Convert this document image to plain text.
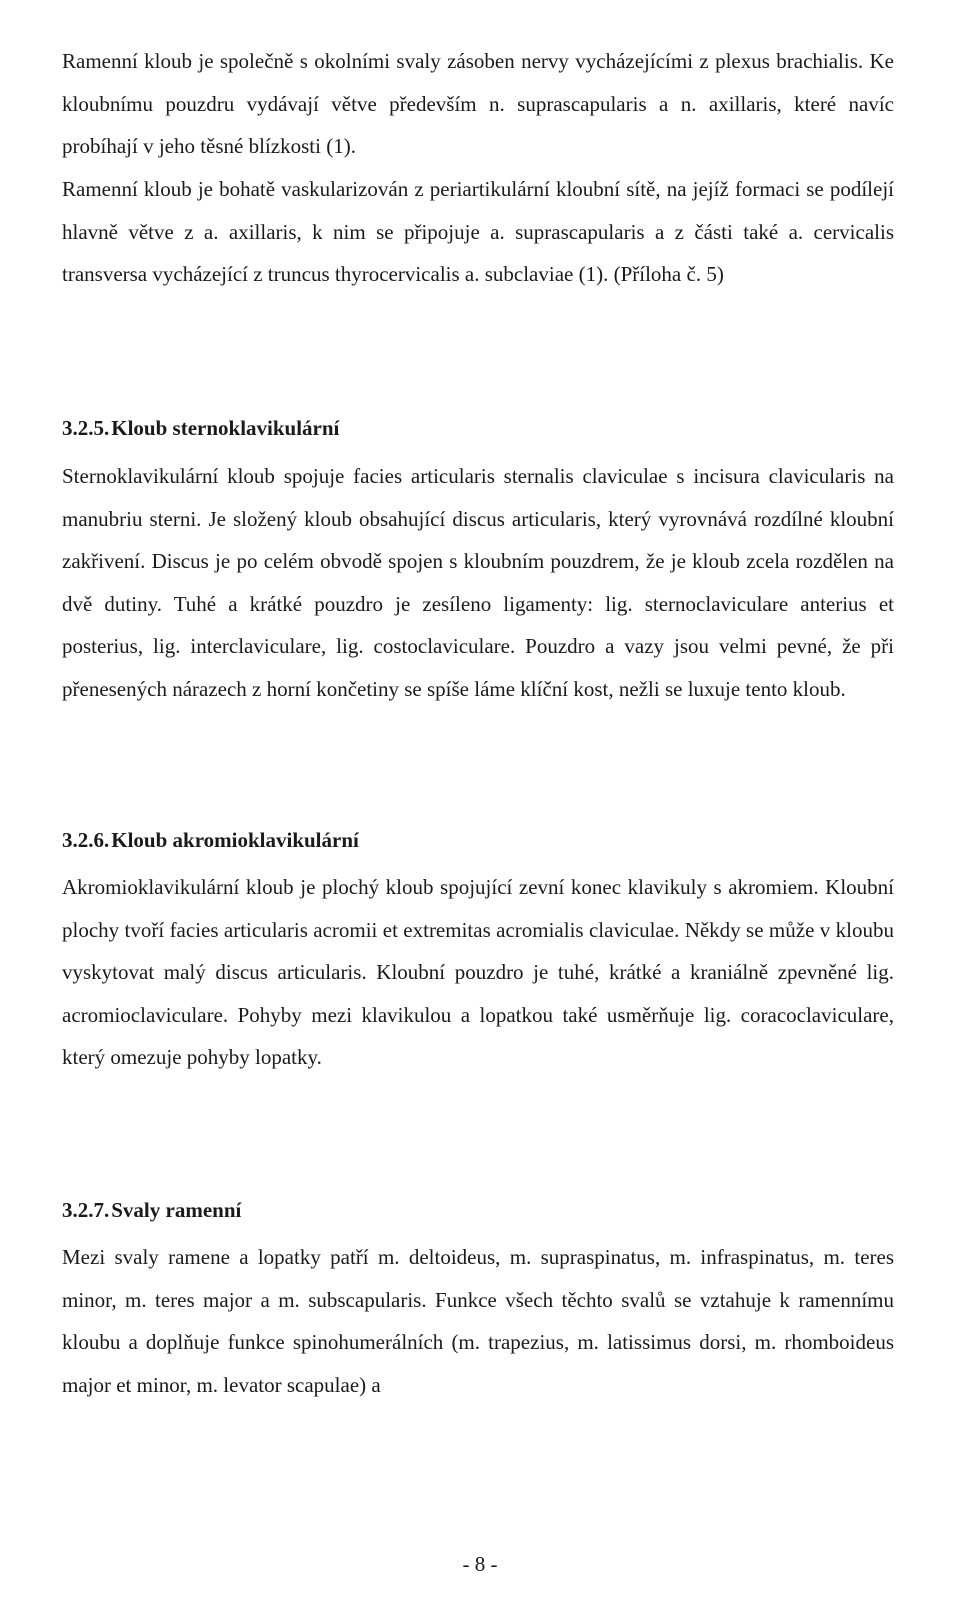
Ramenní kloub je společně s okolními svaly zásoben nervy vycházejícími z plexus brachialis. Ke kloubnímu pouzdru vydávají větve především n. suprascapularis a n. axillaris, které navíc probíhají v jeho těsné blízkosti (1).

Ramenní kloub je bohatě vaskularizován z periartikulární kloubní sítě, na jejíž formaci se podílejí hlavně větve z a. axillaris, k nim se připojuje a. suprascapularis a z části také a. cervicalis transversa vycházející z truncus thyrocervicalis a. subclaviae (1). (Příloha č. 5)

3.2.5. Kloub sternoklavikulární

Sternoklavikulární kloub spojuje facies articularis sternalis claviculae s incisura clavicularis na manubriu sterni. Je složený kloub obsahující discus articularis, který vyrovnává rozdílné kloubní zakřivení. Discus je po celém obvodě spojen s kloubním pouzdrem, že je kloub zcela rozdělen na dvě dutiny. Tuhé a krátké pouzdro je zesíleno ligamenty: lig. sternoclaviculare anterius et posterius, lig. interclaviculare, lig. costoclaviculare. Pouzdro a vazy jsou velmi pevné, že při přenesených nárazech z horní končetiny se spíše láme klíční kost, nežli se luxuje tento kloub.

3.2.6. Kloub akromioklavikulární

Akromioklavikulární kloub je plochý kloub spojující zevní konec klavikuly s akromiem. Kloubní plochy tvoří facies articularis acromii et extremitas acromialis claviculae. Někdy se může v kloubu vyskytovat malý discus articularis. Kloubní pouzdro je tuhé, krátké a kraniálně zpevněné lig. acromioclaviculare. Pohyby mezi klavikulou a lopatkou také usměrňuje lig. coracoclaviculare, který omezuje pohyby lopatky.

3.2.7. Svaly ramenní

Mezi svaly ramene a lopatky patří m. deltoideus, m. supraspinatus, m. infraspinatus, m. teres minor, m. teres major a m. subscapularis. Funkce všech těchto svalů se vztahuje k ramennímu kloubu a doplňuje funkce spinohumerálních (m. trapezius, m. latissimus dorsi, m. rhomboideus major et minor, m. levator scapulae) a

- 8 -
